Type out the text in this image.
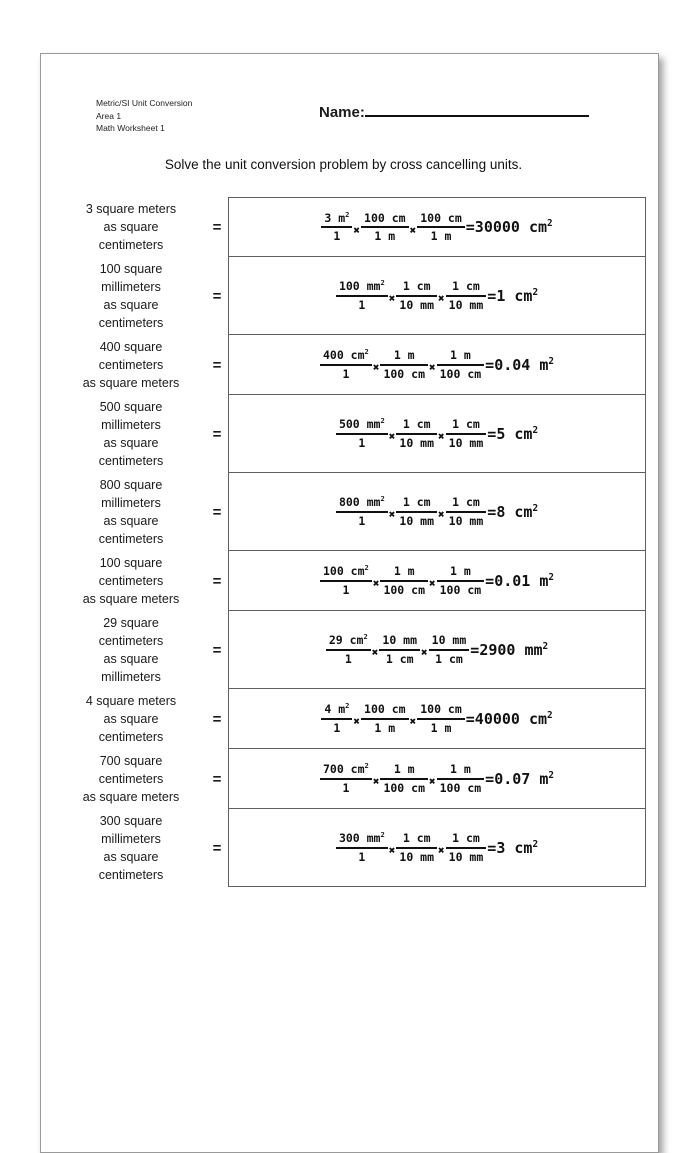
Metric/SI Unit Conversion
Area 1
Math Worksheet 1
Name:
Solve the unit conversion problem by cross cancelling units.
3 square meters
as square
centimeters
=	$\frac{3 m^2}{1}$ ✖ $\frac{100 cm}{1 m}$ ✖ $\frac{100 cm}{1 m} = 30000$ $cm^2$
100 square
millimeters
as square
centimeters
=	$\frac{100 mm^2}{1}$ ✖ $\frac{1 cm}{10 mm}$ ✖ $\frac{1 cm}{10 mm} = 1$ $cm^2$
400 square
centimeters
as square meters
=	$\frac{400 cm^2}{1}$ ✖ $\frac{1 m}{100 cm}$ ✖ $\frac{1 m}{100 cm} = 0.04$ $m^2$
500 square
millimeters
as square
centimeters
=	$\frac{500 mm^2}{1}$ ✖ $\frac{1 cm}{10 mm}$ ✖ $\frac{1 cm}{10 mm} = 5$ $cm^2$
800 square
millimeters
as square
centimeters
=	$\frac{800 mm^2}{1}$ ✖ $\frac{1 cm}{10 mm}$ ✖ $\frac{1 cm}{10 mm} = 8$ $cm^2$
100 square
centimeters
as square meters
=	$\frac{100 cm^2}{1}$ ✖ $\frac{1 m}{100 cm}$ ✖ $\frac{1 m}{100 cm} = 0.01$ $m^2$
29 square
centimeters
as square
millimeters
=	$\frac{29 cm^2}{1}$ ✖ $\frac{10 mm}{1 cm}$ ✖ $\frac{10 mm}{1 cm} = 2900$ $mm^2$
4 square meters
as square
centimeters
=	$\frac{4 m^2}{1}$ ✖ $\frac{100 cm}{1 m}$ ✖ $\frac{100 cm}{1 m} = 40000$ $cm^2$
700 square
centimeters
as square meters
=	$\frac{700 cm^2}{1}$ ✖ $\frac{1 m}{100 cm}$ ✖ $\frac{1 m}{100 cm} = 0.07$ $m^2$
300 square
millimeters
as square
centimeters
=	$\frac{300 mm^2}{1}$ ✖ $\frac{1 cm}{10 mm}$ ✖ $\frac{1 cm}{10 mm} = 3$ $cm^2$
